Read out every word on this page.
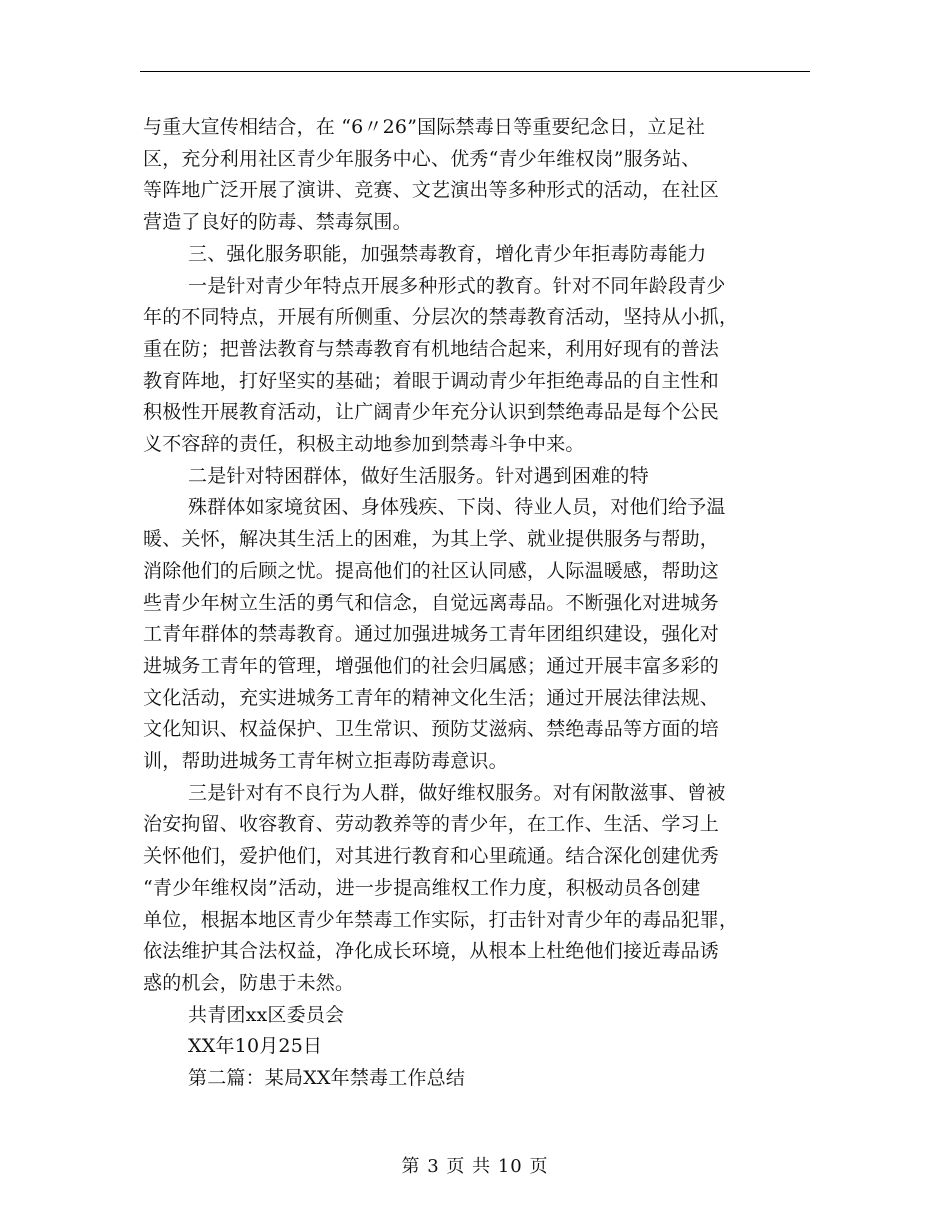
与重大宣传相结合，在 “6〃26”国际禁毒日等重要纪念日，立足社
区，充分利用社区青少年服务中心、优秀“青少年维权岗”服务站、
等阵地广泛开展了演讲、竞赛、文艺演出等多种形式的活动，在社区
营造了良好的防毒、禁毒氛围。
三、强化服务职能，加强禁毒教育，增化青少年拒毒防毒能力
一是针对青少年特点开展多种形式的教育。针对不同年龄段青少
年的不同特点，开展有所侧重、分层次的禁毒教育活动，坚持从小抓，
重在防；把普法教育与禁毒教育有机地结合起来，利用好现有的普法
教育阵地，打好坚实的基础；着眼于调动青少年拒绝毒品的自主性和
积极性开展教育活动，让广阔青少年充分认识到禁绝毒品是每个公民
义不容辞的责任，积极主动地参加到禁毒斗争中来。
二是针对特困群体，做好生活服务。针对遇到困难的特
殊群体如家境贫困、身体残疾、下岗、待业人员，对他们给予温
暖、关怀，解决其生活上的困难，为其上学、就业提供服务与帮助，
消除他们的后顾之忧。提高他们的社区认同感，人际温暖感，帮助这
些青少年树立生活的勇气和信念，自觉远离毒品。不断强化对进城务
工青年群体的禁毒教育。通过加强进城务工青年团组织建设，强化对
进城务工青年的管理，增强他们的社会归属感；通过开展丰富多彩的
文化活动，充实进城务工青年的精神文化生活；通过开展法律法规、
文化知识、权益保护、卫生常识、预防艾滋病、禁绝毒品等方面的培
训，帮助进城务工青年树立拒毒防毒意识。
三是针对有不良行为人群，做好维权服务。对有闲散滋事、曾被
治安拘留、收容教育、劳动教养等的青少年，在工作、生活、学习上
关怀他们，爱护他们，对其进行教育和心里疏通。结合深化创建优秀
“青少年维权岗”活动，进一步提高维权工作力度，积极动员各创建
单位，根据本地区青少年禁毒工作实际，打击针对青少年的毒品犯罪，
依法维护其合法权益，净化成长环境，从根本上杜绝他们接近毒品诱
惑的机会，防患于未然。
共青团xx区委员会
XX年10月25日
第二篇：某局XX年禁毒工作总结
第 3 页 共 10 页
